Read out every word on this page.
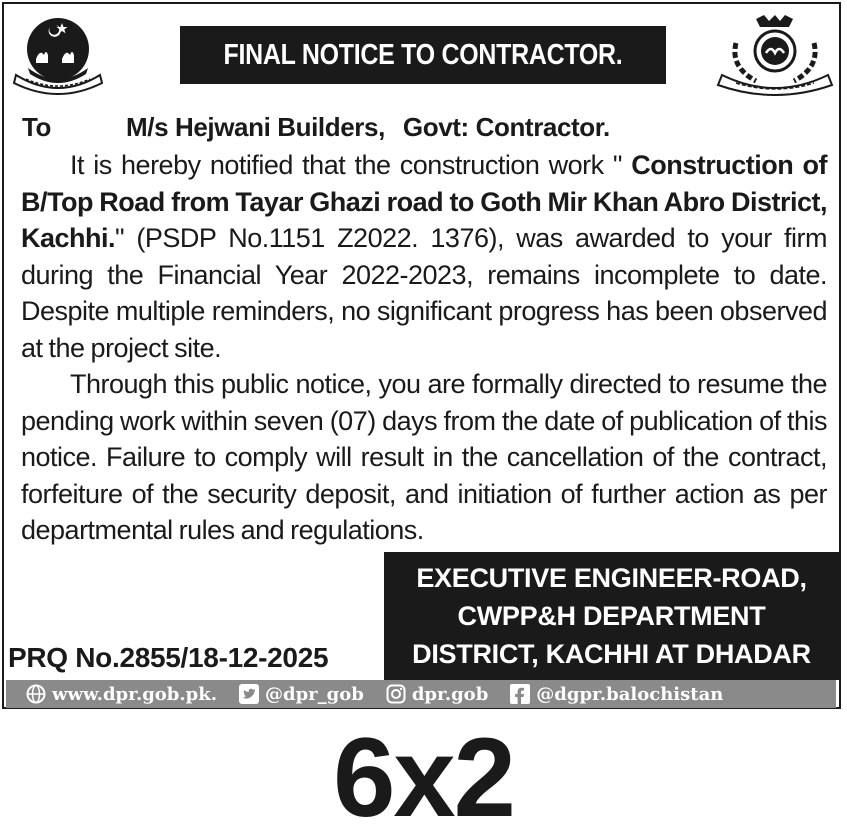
FINAL NOTICE TO CONTRACTOR.
To	M/s Hejwani Builders, Govt: Contractor.

It is hereby notified that the construction work " Construction of B/Top Road from Tayar Ghazi road to Goth Mir Khan Abro District, Kachhi." (PSDP No.1151 Z2022. 1376), was awarded to your firm during the Financial Year 2022-2023, remains incomplete to date. Despite multiple reminders, no significant progress has been observed at the project site.

Through this public notice, you are formally directed to resume the pending work within seven (07) days from the date of publication of this notice. Failure to comply will result in the cancellation of the contract, forfeiture of the security deposit, and initiation of further action as per departmental rules and regulations.

EXECUTIVE ENGINEER-ROAD,
CWPP&H DEPARTMENT
DISTRICT, KACHHI AT DHADAR
PRQ No.2855/18-12-2025
www.dpr.gob.pk.	@dpr_gob	dpr.gob	@dgpr.balochistan
6x2
